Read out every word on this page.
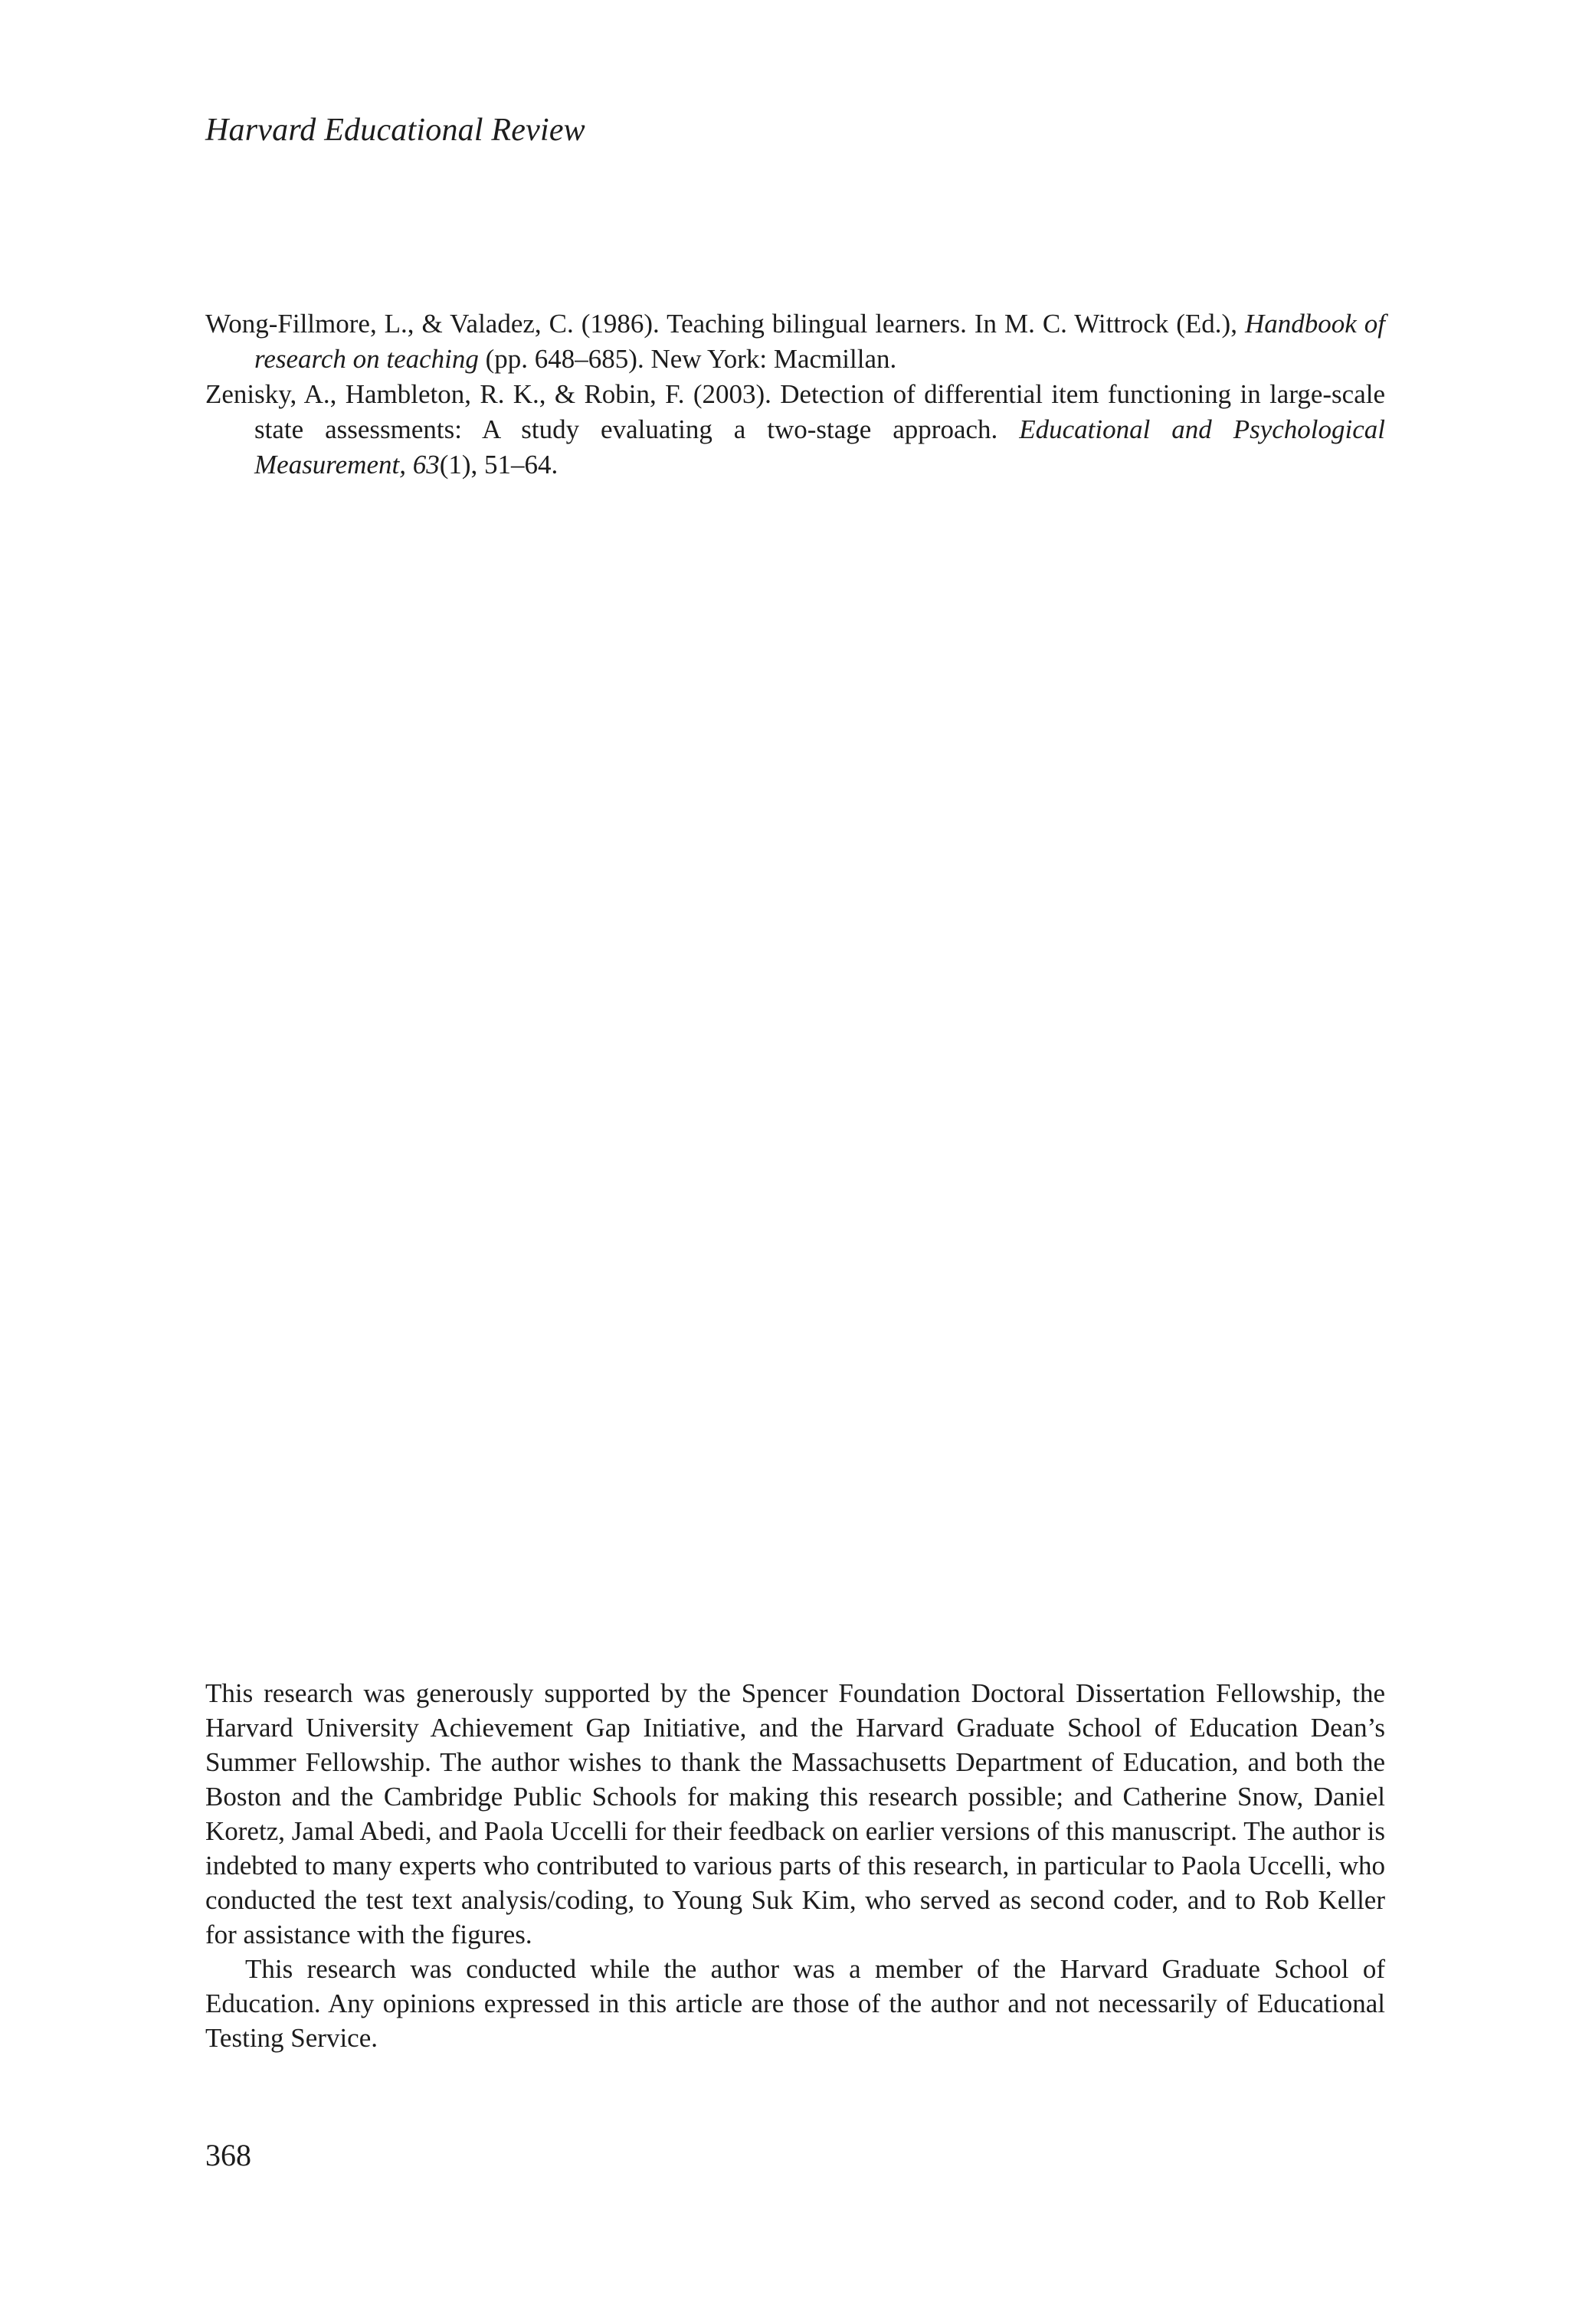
Harvard Educational Review

Wong-Fillmore, L., & Valadez, C. (1986). Teaching bilingual learners. In M. C. Wittrock (Ed.), Handbook of research on teaching (pp. 648–685). New York: Macmillan.

Zenisky, A., Hambleton, R. K., & Robin, F. (2003). Detection of differential item functioning in large-scale state assessments: A study evaluating a two-stage approach. Educational and Psychological Measurement, 63(1), 51–64.

This research was generously supported by the Spencer Foundation Doctoral Dissertation Fellowship, the Harvard University Achievement Gap Initiative, and the Harvard Graduate School of Education Dean’s Summer Fellowship. The author wishes to thank the Massachusetts Department of Education, and both the Boston and the Cambridge Public Schools for making this research possible; and Catherine Snow, Daniel Koretz, Jamal Abedi, and Paola Uccelli for their feedback on earlier versions of this manuscript. The author is indebted to many experts who contributed to various parts of this research, in particular to Paola Uccelli, who conducted the test text analysis/coding, to Young Suk Kim, who served as second coder, and to Rob Keller for assistance with the figures.

This research was conducted while the author was a member of the Harvard Graduate School of Education. Any opinions expressed in this article are those of the author and not necessarily of Educational Testing Service.

368
